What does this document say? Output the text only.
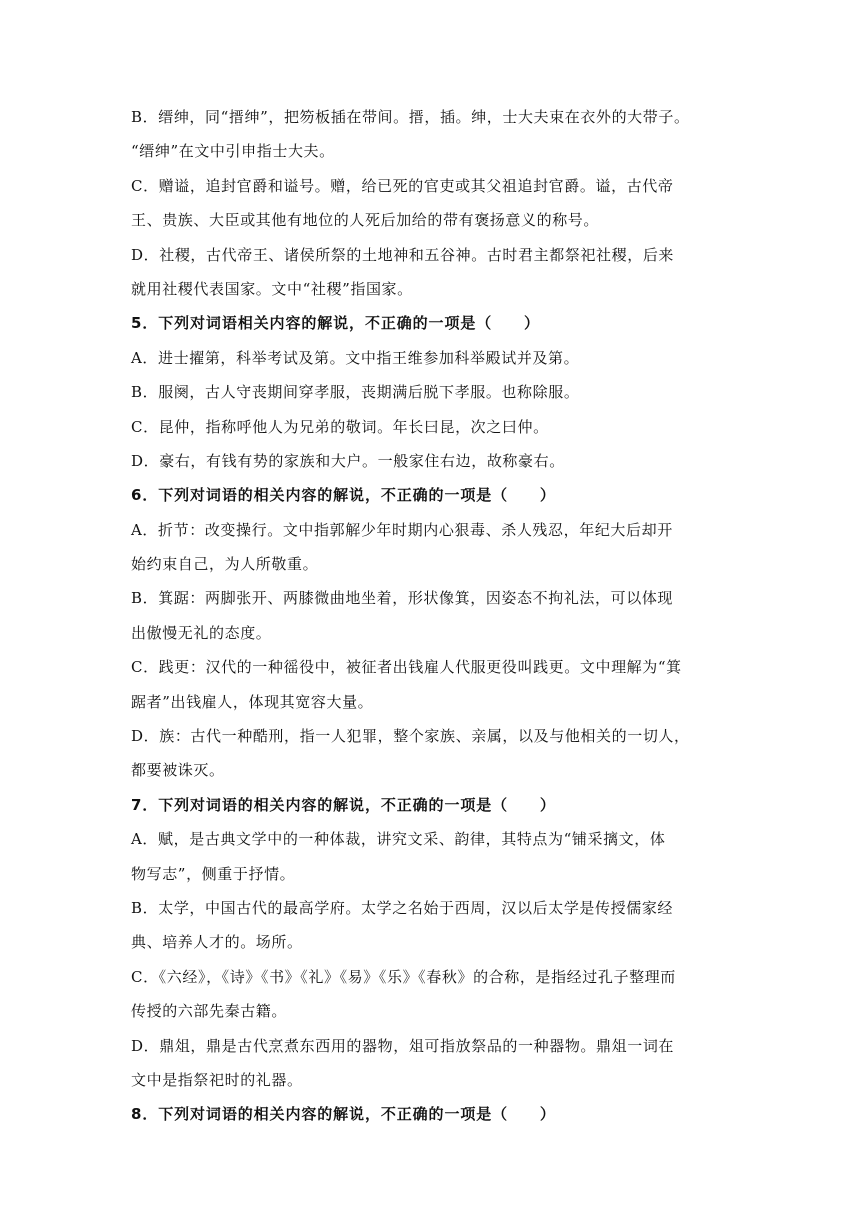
B．缙绅，同“搢绅”，把笏板插在带间。搢，插。绅，士大夫束在衣外的大带子。
“缙绅”在文中引申指士大夫。
C．赠谥，追封官爵和谥号。赠，给已死的官吏或其父祖追封官爵。谥，古代帝
王、贵族、大臣或其他有地位的人死后加给的带有褒扬意义的称号。
D．社稷，古代帝王、诸侯所祭的土地神和五谷神。古时君主都祭祀社稷，后来
就用社稷代表国家。文中“社稷”指国家。
5．下列对词语相关内容的解说，不正确的一项是（　　）
A．进士擢第，科举考试及第。文中指王维参加科举殿试并及第。
B．服阕，古人守丧期间穿孝服，丧期满后脱下孝服。也称除服。
C．昆仲，指称呼他人为兄弟的敬词。年长曰昆，次之曰仲。
D．豪右，有钱有势的家族和大户。一般家住右边，故称豪右。
6．下列对词语的相关内容的解说，不正确的一项是（　　）
A．折节：改变操行。文中指郭解少年时期内心狠毒、杀人残忍，年纪大后却开
始约束自己，为人所敬重。
B．箕踞：两脚张开、两膝微曲地坐着，形状像箕，因姿态不拘礼法，可以体现
出傲慢无礼的态度。
C．践更：汉代的一种徭役中，被征者出钱雇人代服更役叫践更。文中理解为“箕
踞者”出钱雇人，体现其宽容大量。
D．族：古代一种酷刑，指一人犯罪，整个家族、亲属，以及与他相关的一切人，
都要被诛灭。
7．下列对词语的相关内容的解说，不正确的一项是（　　）
A．赋，是古典文学中的一种体裁，讲究文采、韵律，其特点为“铺采摛文，体
物写志”，侧重于抒情。
B．太学，中国古代的最高学府。太学之名始于西周，汉以后太学是传授儒家经
典、培养人才的。场所。
C．《六经》，《诗》《书》《礼》《易》《乐》《春秋》的合称，是指经过孔子整理而
传授的六部先秦古籍。
D．鼎俎，鼎是古代烹煮东西用的器物，俎可指放祭品的一种器物。鼎俎一词在
文中是指祭祀时的礼器。
8．下列对词语的相关内容的解说，不正确的一项是（　　）
